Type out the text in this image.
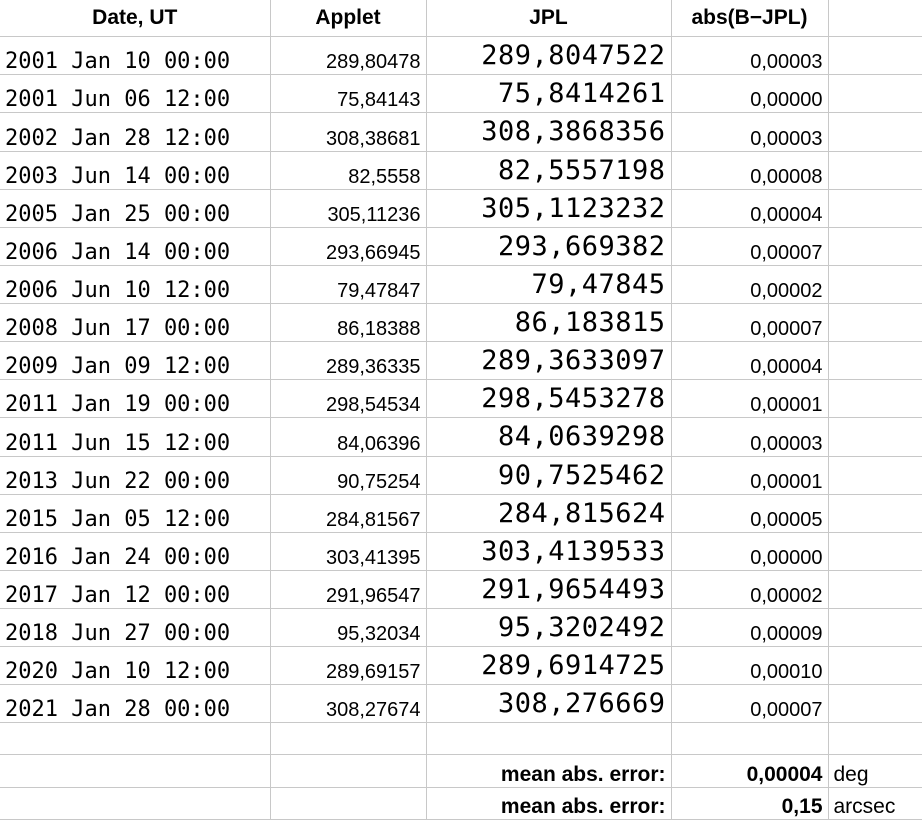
Date, UT	Applet	JPL	abs(B−JPL)	
2001 Jan 10 00:00	289,80478	289,8047522	0,00003	
2001 Jun 06 12:00	75,84143	75,8414261	0,00000	
2002 Jan 28 12:00	308,38681	308,3868356	0,00003	
2003 Jun 14 00:00	82,5558	82,5557198	0,00008	
2005 Jan 25 00:00	305,11236	305,1123232	0,00004	
2006 Jan 14 00:00	293,66945	293,669382	0,00007	
2006 Jun 10 12:00	79,47847	79,47845	0,00002	
2008 Jun 17 00:00	86,18388	86,183815	0,00007	
2009 Jan 09 12:00	289,36335	289,3633097	0,00004	
2011 Jan 19 00:00	298,54534	298,5453278	0,00001	
2011 Jun 15 12:00	84,06396	84,0639298	0,00003	
2013 Jun 22 00:00	90,75254	90,7525462	0,00001	
2015 Jan 05 12:00	284,81567	284,815624	0,00005	
2016 Jan 24 00:00	303,41395	303,4139533	0,00000	
2017 Jan 12 00:00	291,96547	291,9654493	0,00002	
2018 Jun 27 00:00	95,32034	95,3202492	0,00009	
2020 Jan 10 12:00	289,69157	289,6914725	0,00010	
2021 Jan 28 00:00	308,27674	308,276669	0,00007	

		mean abs. error:	0,00004	deg
		mean abs. error:	0,15	arcsec
